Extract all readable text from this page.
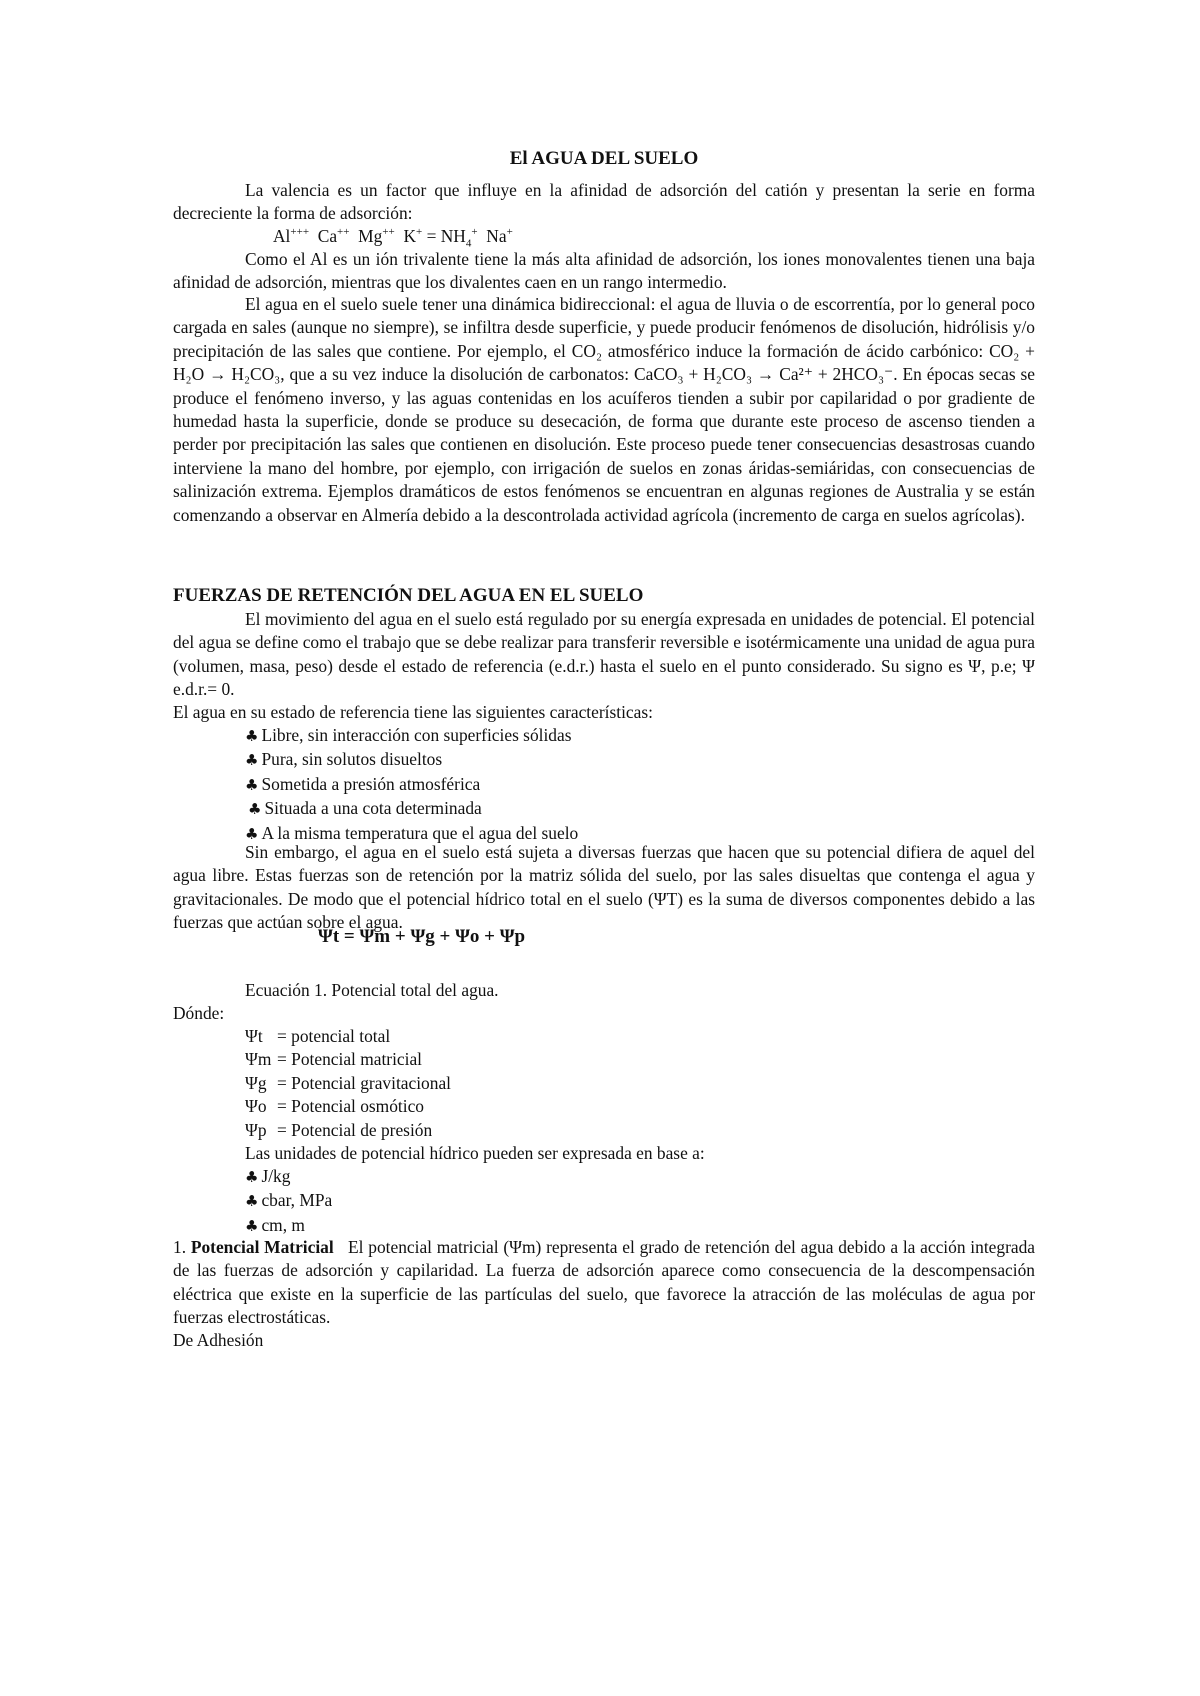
El AGUA DEL SUELO
La valencia es un factor que influye en la afinidad de adsorción del catión y presentan la serie en forma decreciente la forma de adsorción:
Al+++  Ca++  Mg++  $K^+ = NH_4^+$  Na+
Como el Al es un ión trivalente tiene la más alta afinidad de adsorción, los iones monovalentes tienen una baja afinidad de adsorción, mientras que los divalentes caen en un rango intermedio.
El agua en el suelo suele tener una dinámica bidireccional: el agua de lluvia o de escorrentía, por lo general poco cargada en sales (aunque no siempre), se infiltra desde superficie, y puede producir fenómenos de disolución, hidrólisis y/o precipitación de las sales que contiene. Por ejemplo, el CO₂ atmosférico induce la formación de ácido carbónico: CO₂ + H₂O → H₂CO₃, que a su vez induce la disolución de carbonatos: CaCO₃ + H₂CO₃ → Ca²⁺ + 2HCO₃⁻. En épocas secas se produce el fenómeno inverso, y las aguas contenidas en los acuíferos tienden a subir por capilaridad o por gradiente de humedad hasta la superficie, donde se produce su desecación, de forma que durante este proceso de ascenso tienden a perder por precipitación las sales que contienen en disolución. Este proceso puede tener consecuencias desastrosas cuando interviene la mano del hombre, por ejemplo, con irrigación de suelos en zonas áridas-semiáridas, con consecuencias de salinización extrema. Ejemplos dramáticos de estos fenómenos se encuentran en algunas regiones de Australia y se están comenzando a observar en Almería debido a la descontrolada actividad agrícola (incremento de carga en suelos agrícolas).
FUERZAS DE RETENCIÓN DEL AGUA EN EL SUELO
El movimiento del agua en el suelo está regulado por su energía expresada en unidades de potencial. El potencial del agua se define como el trabajo que se debe realizar para transferir reversible e isotérmicamente una unidad de agua pura (volumen, masa, peso) desde el estado de referencia (e.d.r.) hasta el suelo en el punto considerado. Su signo es Ψ, p.e; Ψ e.d.r.= 0.
El agua en su estado de referencia tiene las siguientes características:
♣ Libre, sin interacción con superficies sólidas
♣ Pura, sin solutos disueltos
♣ Sometida a presión atmosférica
♣ Situada a una cota determinada
♣ A la misma temperatura que el agua del suelo
Sin embargo, el agua en el suelo está sujeta a diversas fuerzas que hacen que su potencial difiera de aquel del agua libre. Estas fuerzas son de retención por la matriz sólida del suelo, por las sales disueltas que contenga el agua y gravitacionales. De modo que el potencial hídrico total en el suelo (ΨT) es la suma de diversos componentes debido a las fuerzas que actúan sobre el agua.
Ψt = Ψm + Ψg + Ψo + Ψp
Ecuación 1. Potencial total del agua.
Dónde:
Ψt = potencial total
Ψm = Potencial matricial
Ψg = Potencial gravitacional
Ψo = Potencial osmótico
Ψp = Potencial de presión
Las unidades de potencial hídrico pueden ser expresada en base a:
♣ J/kg
♣ cbar, MPa
♣ cm, m
1. Potencial Matricial El potencial matricial (Ψm) representa el grado de retención del agua debido a la acción integrada de las fuerzas de adsorción y capilaridad. La fuerza de adsorción aparece como consecuencia de la descompensación eléctrica que existe en la superficie de las partículas del suelo, que favorece la atracción de las moléculas de agua por fuerzas electrostáticas.
De Adhesión
